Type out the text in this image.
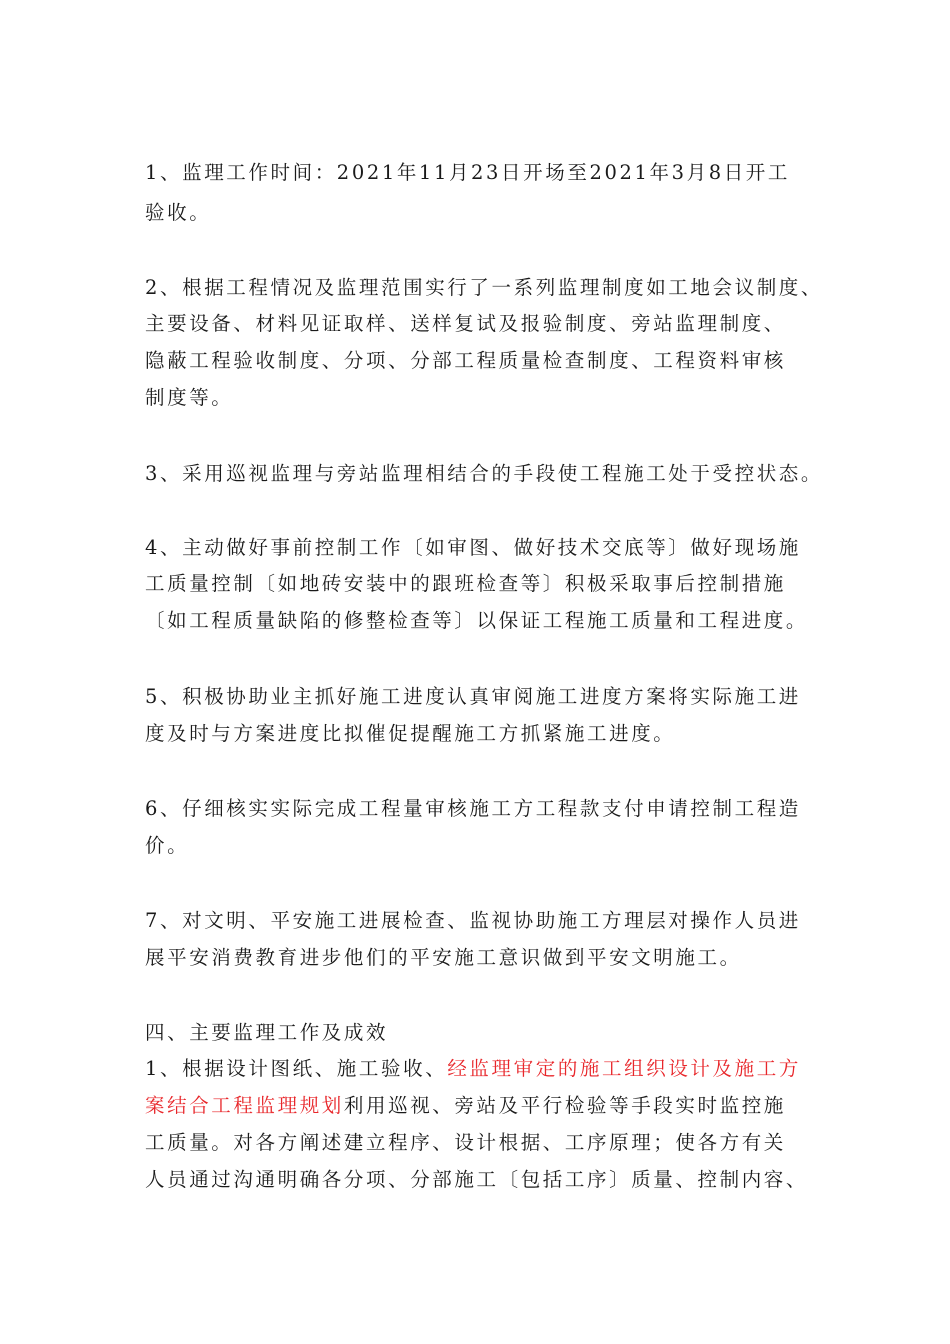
1、监理工作时间：2021年11月23日开场至2021年3月8日开工
验收。
2、根据工程情况及监理范围实行了一系列监理制度如工地会议制度、
主要设备、材料见证取样、送样复试及报验制度、旁站监理制度、
隐蔽工程验收制度、分项、分部工程质量检查制度、工程资料审核
制度等。
3、采用巡视监理与旁站监理相结合的手段使工程施工处于受控状态。
4、主动做好事前控制工作〔如审图、做好技术交底等〕做好现场施
工质量控制〔如地砖安装中的跟班检查等〕积极采取事后控制措施
〔如工程质量缺陷的修整检查等〕以保证工程施工质量和工程进度。
5、积极协助业主抓好施工进度认真审阅施工进度方案将实际施工进
度及时与方案进度比拟催促提醒施工方抓紧施工进度。
6、仔细核实实际完成工程量审核施工方工程款支付申请控制工程造
价。
7、对文明、平安施工进展检查、监视协助施工方理层对操作人员进
展平安消费教育进步他们的平安施工意识做到平安文明施工。
四、主要监理工作及成效
1、根据设计图纸、施工验收、经监理审定的施工组织设计及施工方
案结合工程监理规划利用巡视、旁站及平行检验等手段实时监控施
工质量。对各方阐述建立程序、设计根据、工序原理；使各方有关
人员通过沟通明确各分项、分部施工〔包括工序〕质量、控制内容、
